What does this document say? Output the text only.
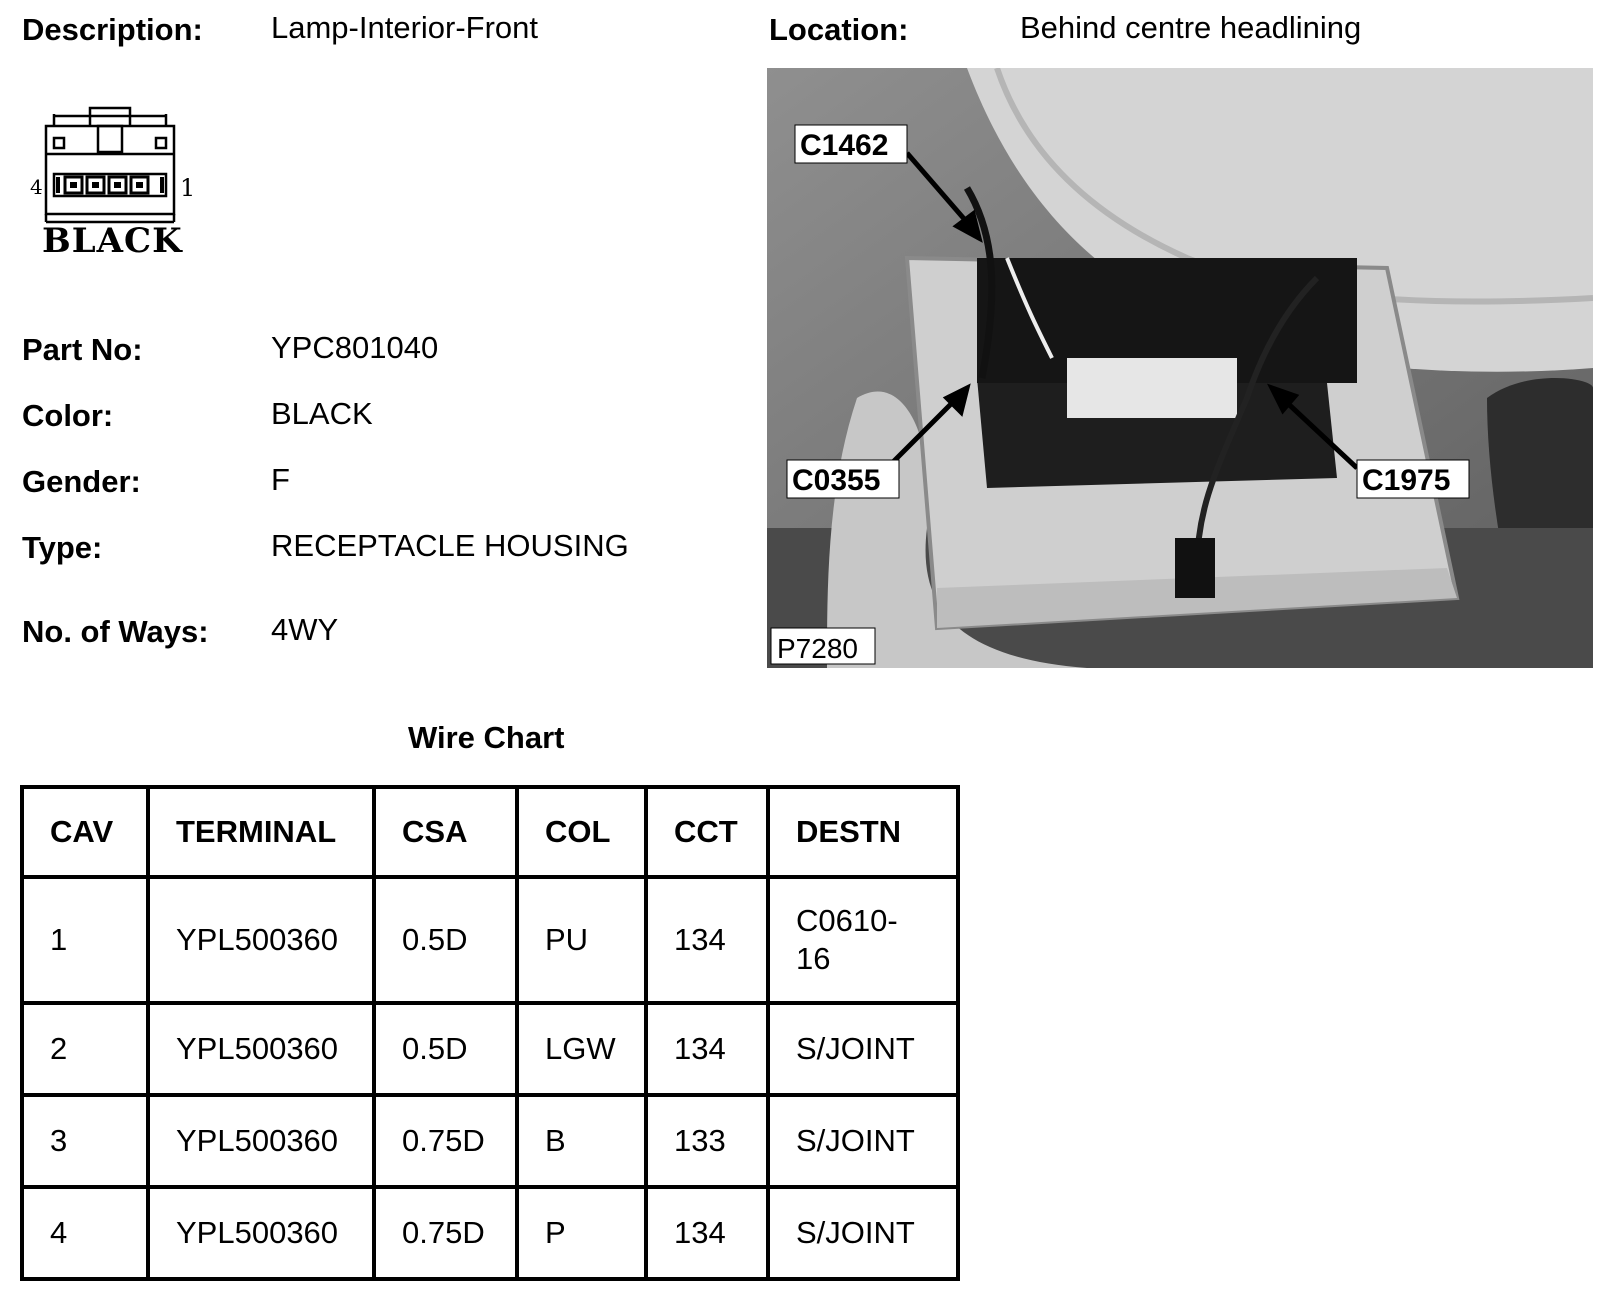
Description: Lamp-Interior-Front	Location:	Behind centre headlining
4	1
BLACK
Part No:	YPC801040
Color:	BLACK
Gender:	F
Type:	RECEPTACLE HOUSING
No. of Ways: 4WY
C1462
C0355	C1975
P7280
Wire Chart
CAV	TERMINAL	CSA	COL	CCT	DESTN
1	YPL500360	0.5D	PU	134	C0610-16

2	YPL500360	0.5D	LGW	134	S/JOINT
3	YPL500360	0.75D	B	133	S/JOINT
4	YPL500360	0.75D	P	134	S/JOINT
